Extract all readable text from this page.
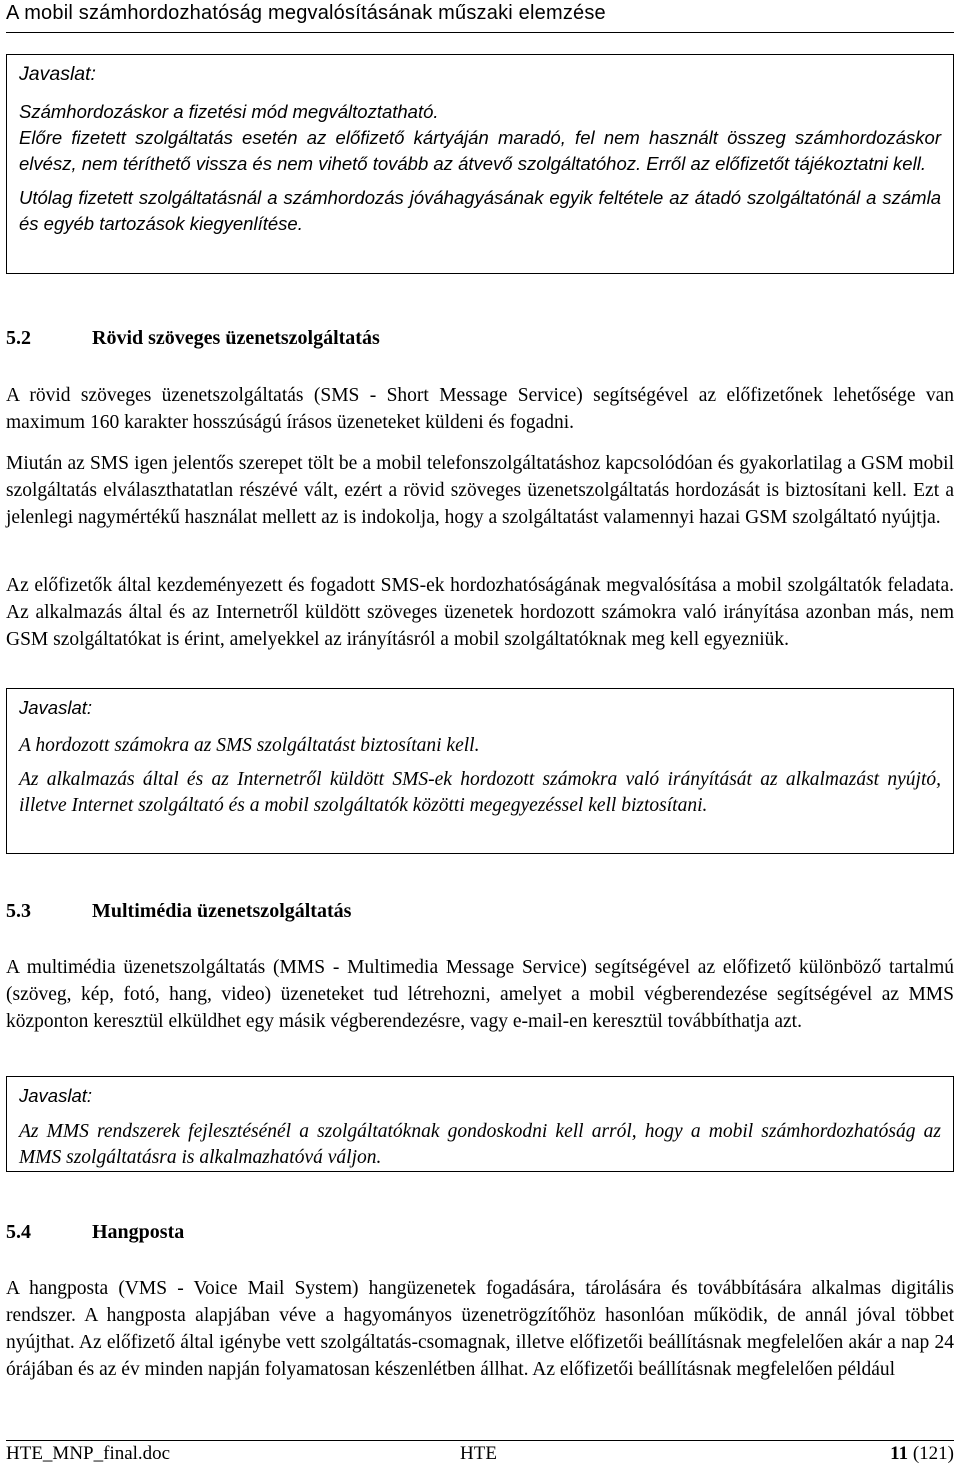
A mobil számhordozhatóság megvalósításának műszaki elemzése

Javaslat:

Számhordozáskor a fizetési mód megváltoztatható.

Előre fizetett szolgáltatás esetén az előfizető kártyáján maradó, fel nem használt összeg számhordozáskor elvész, nem téríthető vissza és nem vihető tovább az átvevő szolgáltatóhoz. Erről az előfizetőt tájékoztatni kell.

Utólag fizetett szolgáltatásnál a számhordozás jóváhagyásának egyik feltétele az átadó szolgáltatónál a számla és egyéb tartozások kiegyenlítése.

5.2	Rövid szöveges üzenetszolgáltatás

A rövid szöveges üzenetszolgáltatás (SMS - Short Message Service) segítségével az előfizetőnek lehetősége van maximum 160 karakter hosszúságú írásos üzeneteket küldeni és fogadni.

Miután az SMS igen jelentős szerepet tölt be a mobil telefonszolgáltatáshoz kapcsolódóan és gyakorlatilag a GSM mobil szolgáltatás elválaszthatatlan részévé vált, ezért a rövid szöveges üzenetszolgáltatás hordozását is biztosítani kell. Ezt a jelenlegi nagymértékű használat mellett az is indokolja, hogy a szolgáltatást valamennyi hazai GSM szolgáltató nyújtja.

Az előfizetők által kezdeményezett és fogadott SMS-ek hordozhatóságának megvalósítása a mobil szolgáltatók feladata. Az alkalmazás által és az Internetről küldött szöveges üzenetek hordozott számokra való irányítása azonban más, nem GSM szolgáltatókat is érint, amelyekkel az irányításról a mobil szolgáltatóknak meg kell egyezniük.

Javaslat:

A hordozott számokra az SMS szolgáltatást biztosítani kell.

Az alkalmazás által és az Internetről küldött SMS-ek hordozott számokra való irányítását az alkalmazást nyújtó, illetve Internet szolgáltató és a mobil szolgáltatók közötti megegyezéssel kell biztosítani.

5.3	Multimédia üzenetszolgáltatás

A multimédia üzenetszolgáltatás (MMS - Multimedia Message Service) segítségével az előfizető különböző tartalmú (szöveg, kép, fotó, hang, video) üzeneteket tud létrehozni, amelyet a mobil végberendezése segítségével az MMS központon keresztül elküldhet egy másik végberendezésre, vagy e-mail-en keresztül továbbíthatja azt.

Javaslat:

Az MMS rendszerek fejlesztésénél a szolgáltatóknak gondoskodni kell arról, hogy a mobil számhordozhatóság az MMS szolgáltatásra is alkalmazhatóvá váljon.

5.4	Hangposta

A hangposta (VMS - Voice Mail System) hangüzenetek fogadására, tárolására és továbbítására alkalmas digitális rendszer. A hangposta alapjában véve a hagyományos üzenetrögzítőhöz hasonlóan működik, de annál jóval többet nyújthat. Az előfizető által igénybe vett szolgáltatás-csomagnak, illetve előfizetői beállításnak megfelelően akár a nap 24 órájában és az év minden napján folyamatosan készenlétben állhat. Az előfizetői beállításnak megfelelően például

HTE_MNP_final.doc	HTE	11 (121)
